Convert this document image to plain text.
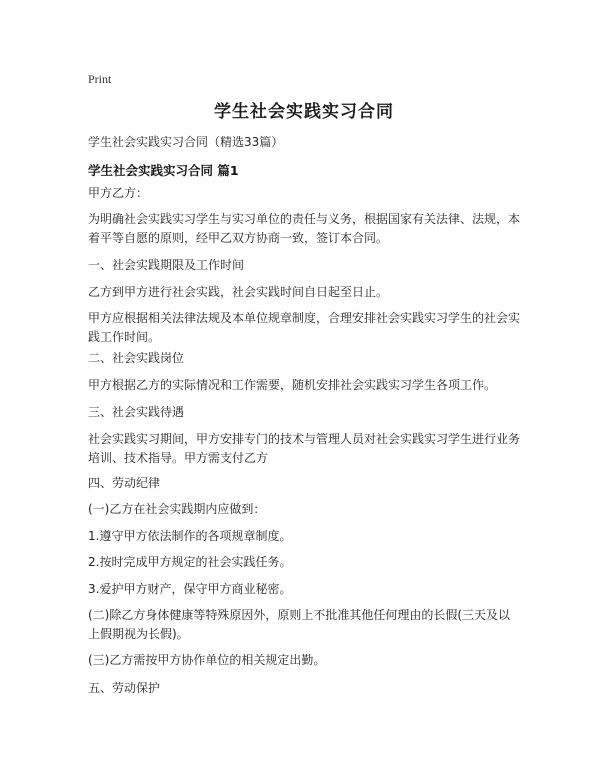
Print
学生社会实践实习合同
学生社会实践实习合同（精选33篇）
学生社会实践实习合同 篇1
甲方乙方：
为明确社会实践实习学生与实习单位的责任与义务，根据国家有关法律、法规，本着平等自愿的原则，经甲乙双方协商一致，签订本合同。
一、社会实践期限及工作时间
乙方到甲方进行社会实践，社会实践时间自日起至日止。
甲方应根据相关法律法规及本单位规章制度，合理安排社会实践实习学生的社会实践工作时间。
二、社会实践岗位
甲方根据乙方的实际情况和工作需要，随机安排社会实践实习学生各项工作。
三、社会实践待遇
社会实践实习期间，甲方安排专门的技术与管理人员对社会实践实习学生进行业务培训、技术指导。甲方需支付乙方
四、劳动纪律
(一)乙方在社会实践期内应做到：
1.遵守甲方依法制作的各项规章制度。
2.按时完成甲方规定的社会实践任务。
3.爱护甲方财产，保守甲方商业秘密。
(二)除乙方身体健康等特殊原因外，原则上不批准其他任何理由的长假(三天及以上假期视为长假)。
(三)乙方需按甲方协作单位的相关规定出勤。
五、劳动保护
